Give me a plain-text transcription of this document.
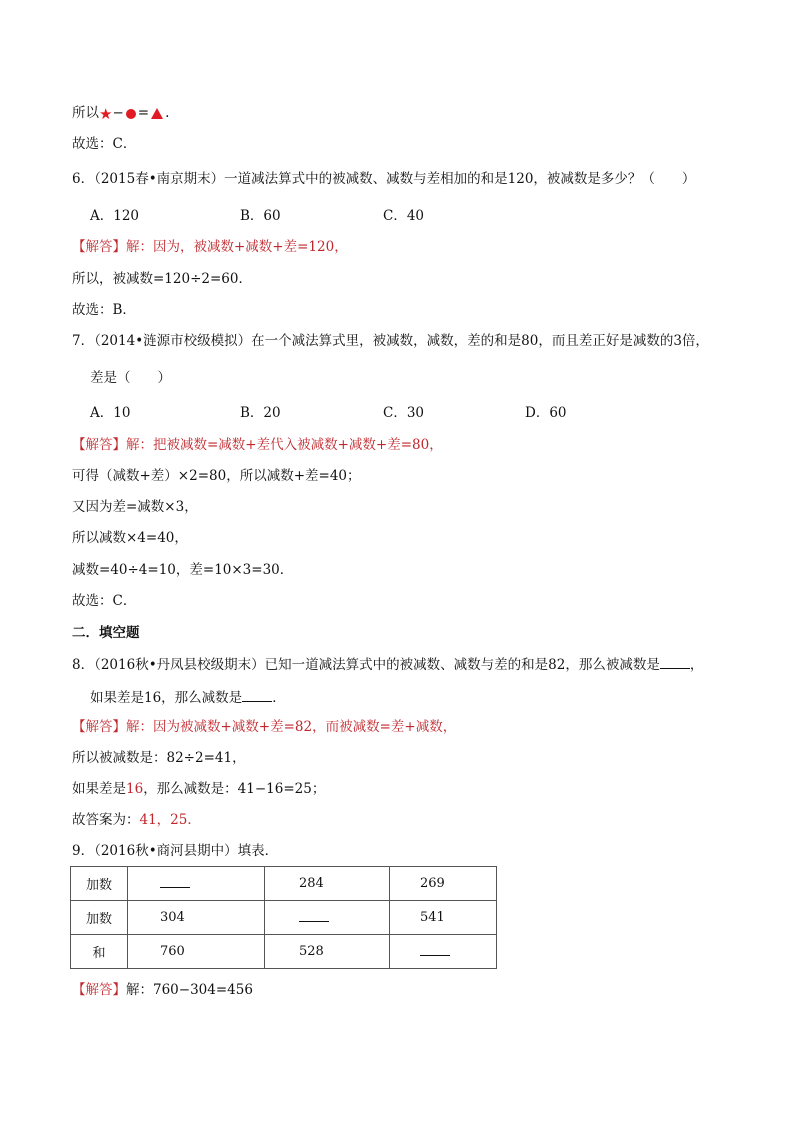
所以★− = .
故选：C．
6．（2015春•南京期末）一道减法算式中的被减数、减数与差相加的和是120，被减数是多少？（　　）
A．120	B．60	C．40
【解答】解：因为，被减数+减数+差=120，
所以，被减数=120÷2=60．
故选：B．
7．（2014•涟源市校级模拟）在一个减法算式里，被减数，减数，差的和是80，而且差正好是减数的3倍，
差是（　　）
A．10	B．20	C．30	D．60
【解答】解：把被减数=减数+差代入被减数+减数+差=80，
可得（减数+差）×2=80，所以减数+差=40；
又因为差=减数×3，
所以减数×4=40，
减数=40÷4=10，差=10×3=30．
故选：C．
二．填空题
8．（2016秋•丹凤县校级期末）已知一道减法算式中的被减数、减数与差的和是82，那么被减数是 ，
如果差是16，那么减数是 ．
【解答】解：因为被减数+减数+差=82，而被减数=差+减数，
所以被减数是：82÷2=41，
如果差是16，那么减数是：41−16=25；
故答案为：41，25．
9．（2016秋•商河县期中）填表．
加数		284	269
加数	304		541
和	760	528	
【解答】解：760−304=456
